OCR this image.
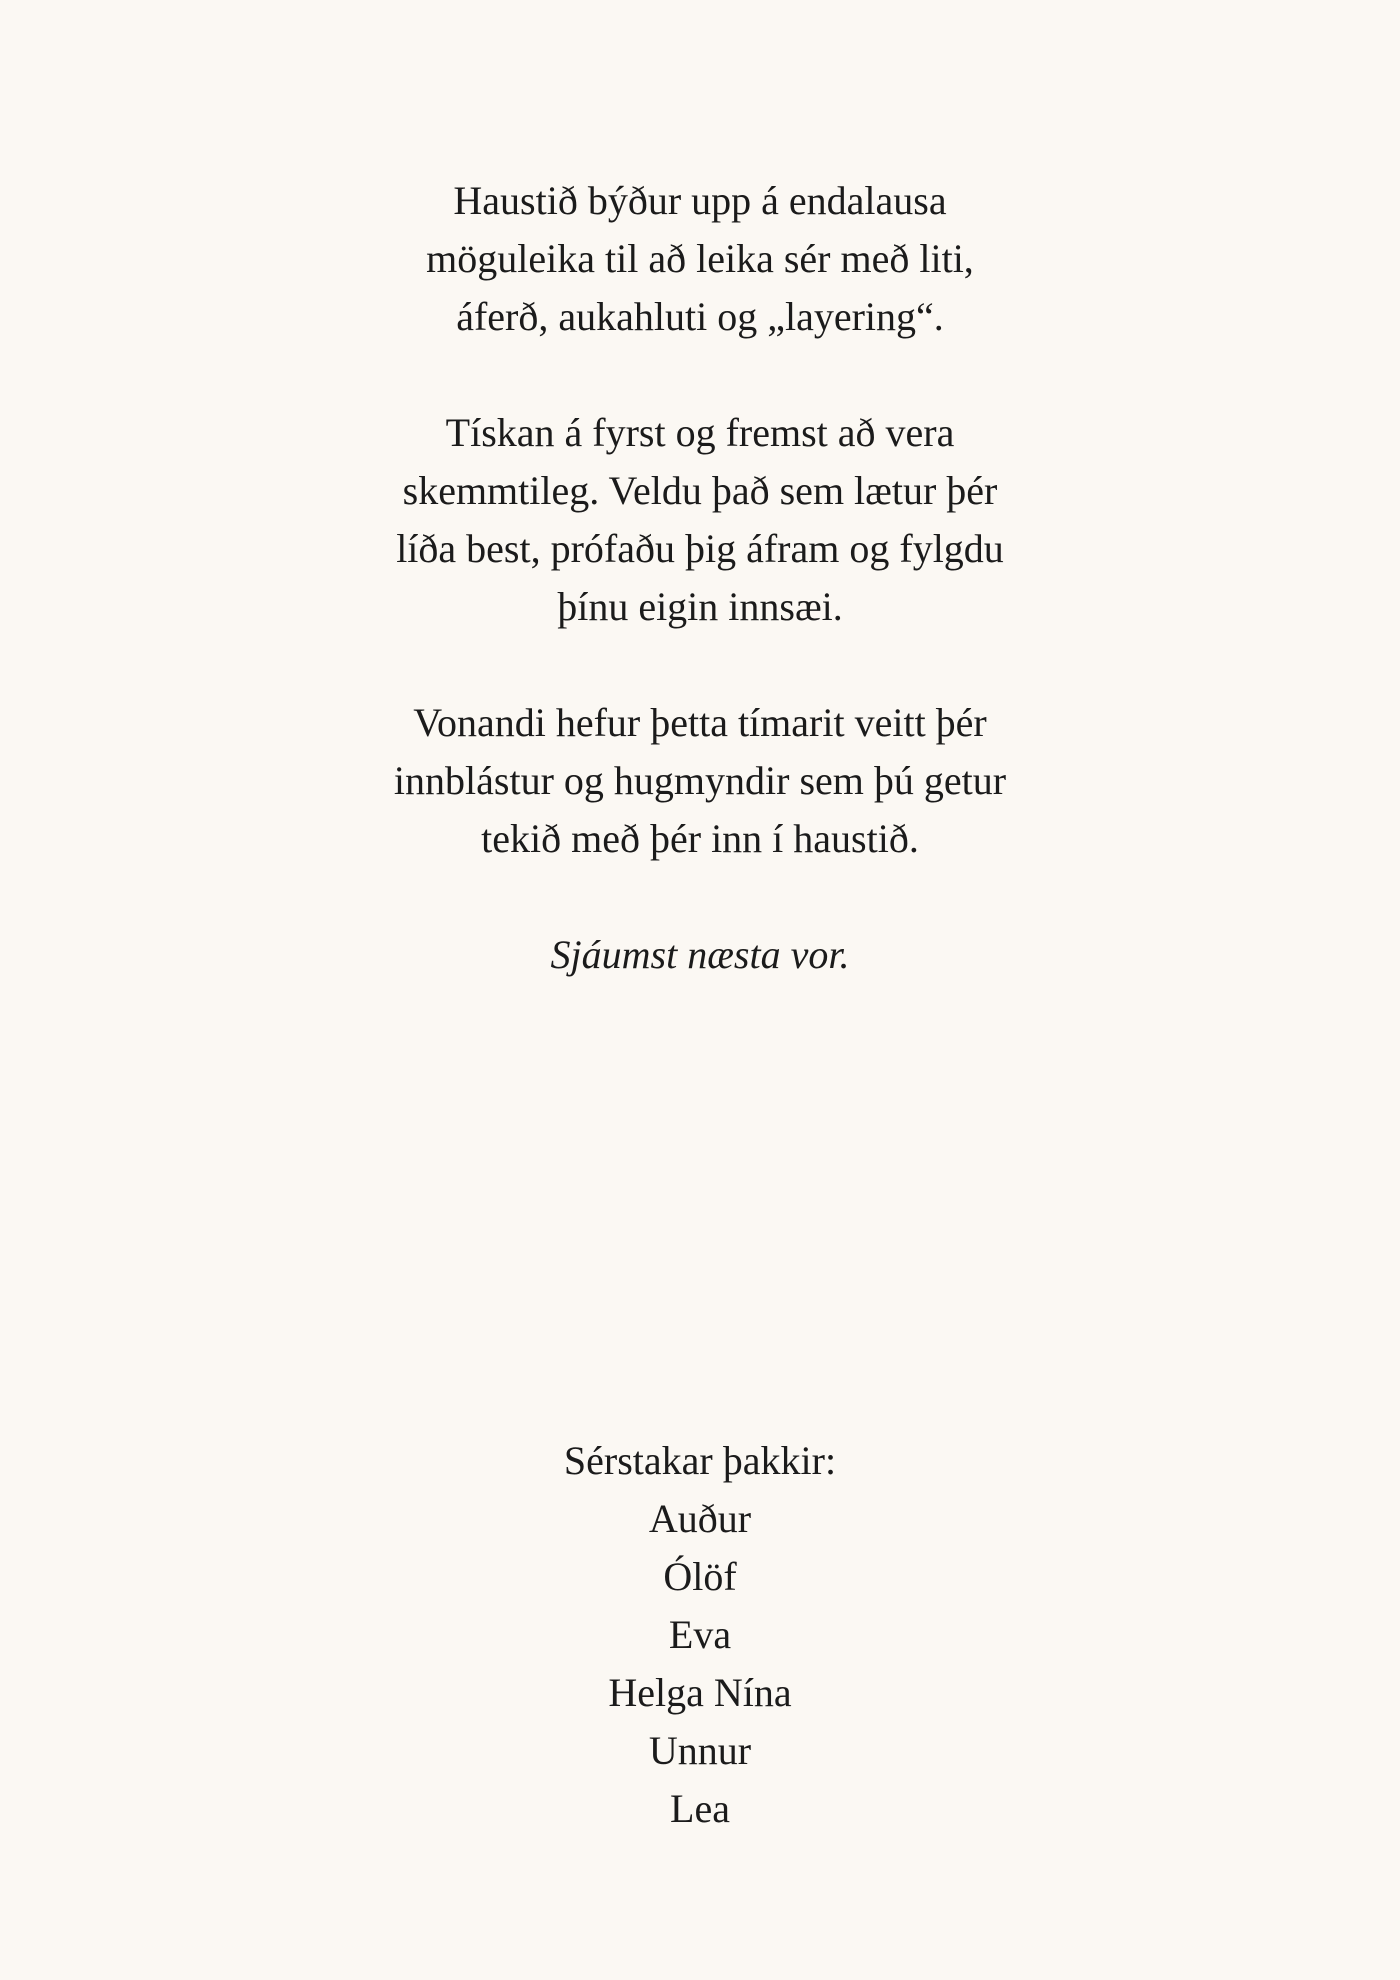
Haustið býður upp á endalausa
möguleika til að leika sér með liti,
áferð, aukahluti og „layering“.

Tískan á fyrst og fremst að vera
skemmtileg. Veldu það sem lætur þér
líða best, prófaðu þig áfram og fylgdu
þínu eigin innsæi.

Vonandi hefur þetta tímarit veitt þér
innblástur og hugmyndir sem þú getur
tekið með þér inn í haustið.

Sjáumst næsta vor.

Sérstakar þakkir:
Auður
Ólöf
Eva
Helga Nína
Unnur
Lea
